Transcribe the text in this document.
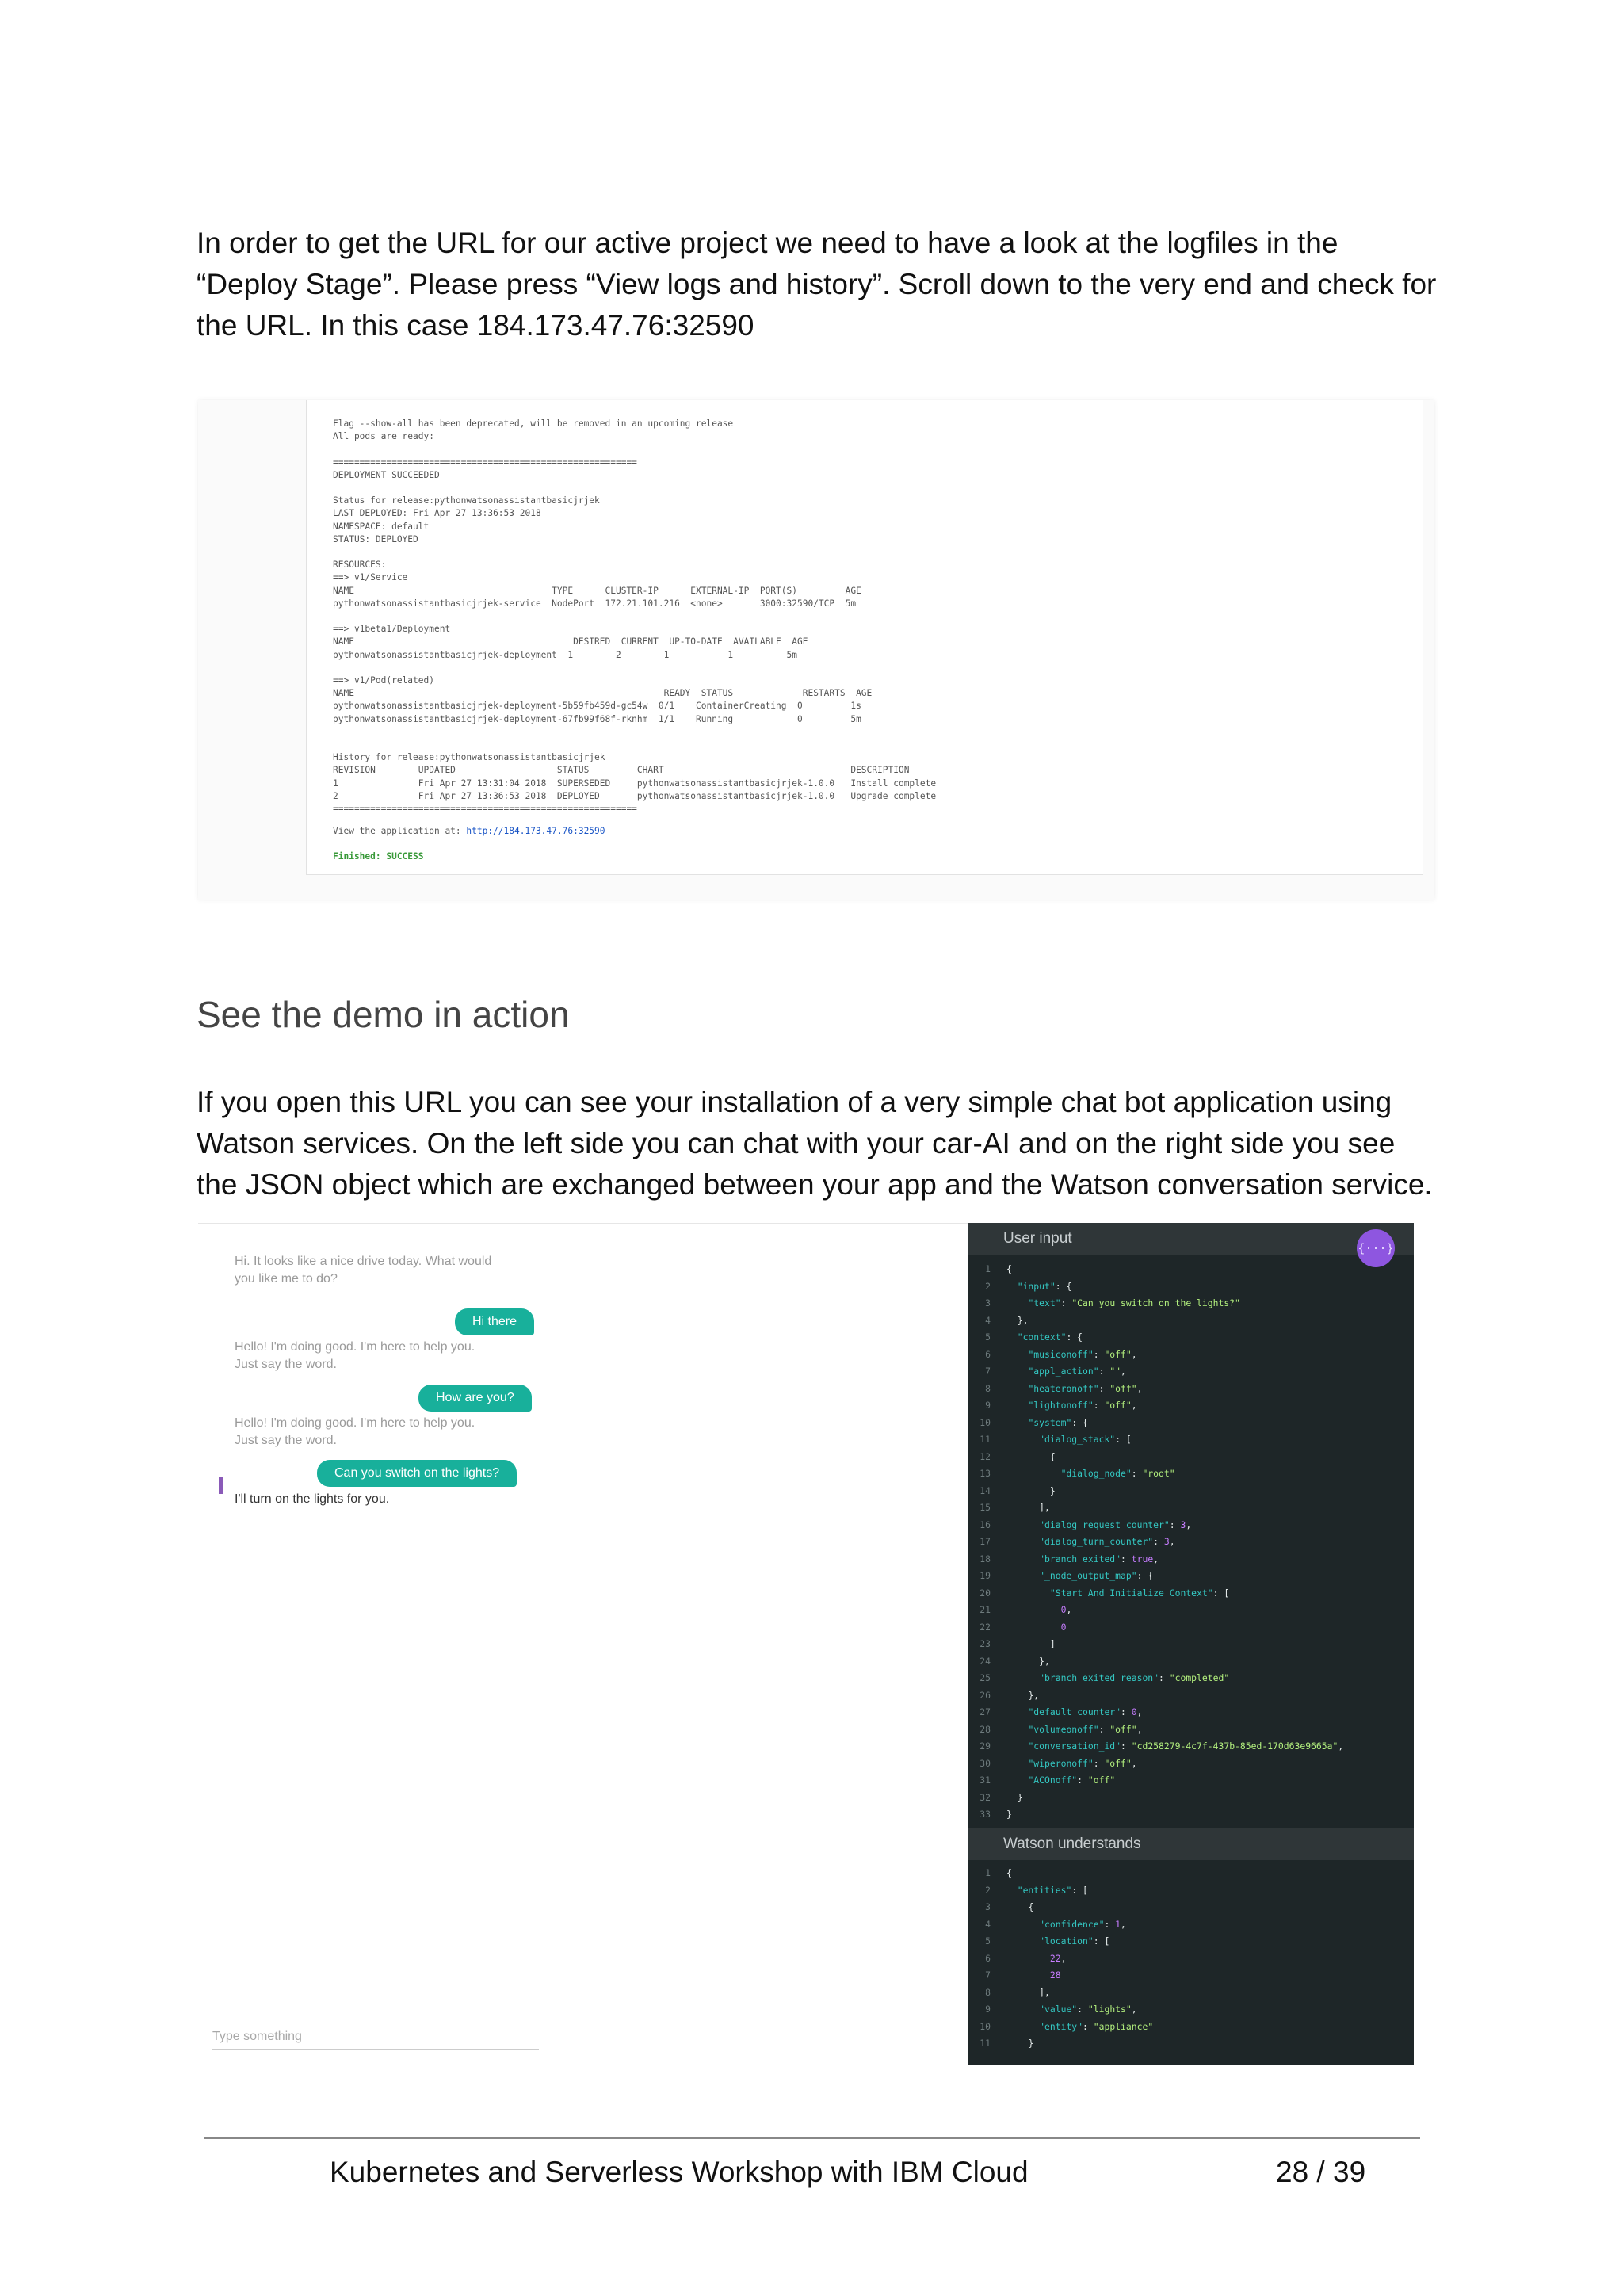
In order to get the URL for our active project we need to have a look at the logfiles in the “Deploy Stage”. Please press “View logs and history”. Scroll down to the very end and check for the URL. In this case 184.173.47.76:32590

Flag --show-all has been deprecated, will be removed in an upcoming release
All pods are ready:

=========================================================
DEPLOYMENT SUCCEEDED

Status for release:pythonwatsonassistantbasicjrjek
LAST DEPLOYED: Fri Apr 27 13:36:53 2018
NAMESPACE: default
STATUS: DEPLOYED

RESOURCES:
==> v1/Service
NAME                                     TYPE      CLUSTER-IP      EXTERNAL-IP  PORT(S)         AGE
pythonwatsonassistantbasicjrjek-service  NodePort  172.21.101.216  <none>       3000:32590/TCP  5m

==> v1beta1/Deployment
NAME                                         DESIRED  CURRENT  UP-TO-DATE  AVAILABLE  AGE
pythonwatsonassistantbasicjrjek-deployment  1        2        1           1          5m

==> v1/Pod(related)
NAME                                                          READY  STATUS             RESTARTS  AGE
pythonwatsonassistantbasicjrjek-deployment-5b59fb459d-gc54w  0/1    ContainerCreating  0         1s
pythonwatsonassistantbasicjrjek-deployment-67fb99f68f-rknhm  1/1    Running            0         5m

History for release:pythonwatsonassistantbasicjrjek
REVISION        UPDATED                   STATUS         CHART                                   DESCRIPTION
1               Fri Apr 27 13:31:04 2018  SUPERSEDED     pythonwatsonassistantbasicjrjek-1.0.0   Install complete
2               Fri Apr 27 13:36:53 2018  DEPLOYED       pythonwatsonassistantbasicjrjek-1.0.0   Upgrade complete
=========================================================
View the application at: http://184.173.47.76:32590
Finished: SUCCESS
See the demo in action

If you open this URL you can see your installation of a very simple chat bot application using Watson services. On the left side you can chat with your car-AI and on the right side you see the JSON object which are exchanged between your app and the Watson conversation service.

Hi. It looks like a nice drive today. What would you like me to do?
Hi there
Hello! I'm doing good. I'm here to help you. Just say the word.
How are you?
Hello! I'm doing good. I'm here to help you. Just say the word.
Can you switch on the lights?
I'll turn on the lights for you.
Type something
User input
{···}
1 {
2	"input": {
3	"text": "Can you switch on the lights?"
4	},
5	"context": {
6	"musiconoff": "off",
7	"appl_action": "",
8	"heateronoff": "off",
9	"lightonoff": "off",
10	"system": {
11	"dialog_stack": [
12	{
13	"dialog_node": "root"
14	}
15	],
16	"dialog_request_counter": 3,
17	"dialog_turn_counter": 3,
18	"branch_exited": true,
19	"_node_output_map": {
20	"Start And Initialize Context": [
21	0,
22	0
23	]
24	},
25	"branch_exited_reason": "completed"
26	},
27	"default_counter": 0,
28	"volumeonoff": "off",
29	"conversation_id": "cd258279-4c7f-437b-85ed-170d63e9665a",
30	"wiperonoff": "off",
31	"ACOnoff": "off"
32	}
33 }
Watson understands
1 {
2	"entities": [
3	{
4	"confidence": 1,
5	"location": [
6	22,
7	28
8	],
9	"value": "lights",
10	"entity": "appliance"
11	}
Kubernetes and Serverless Workshop with IBM Cloud	28 / 39
